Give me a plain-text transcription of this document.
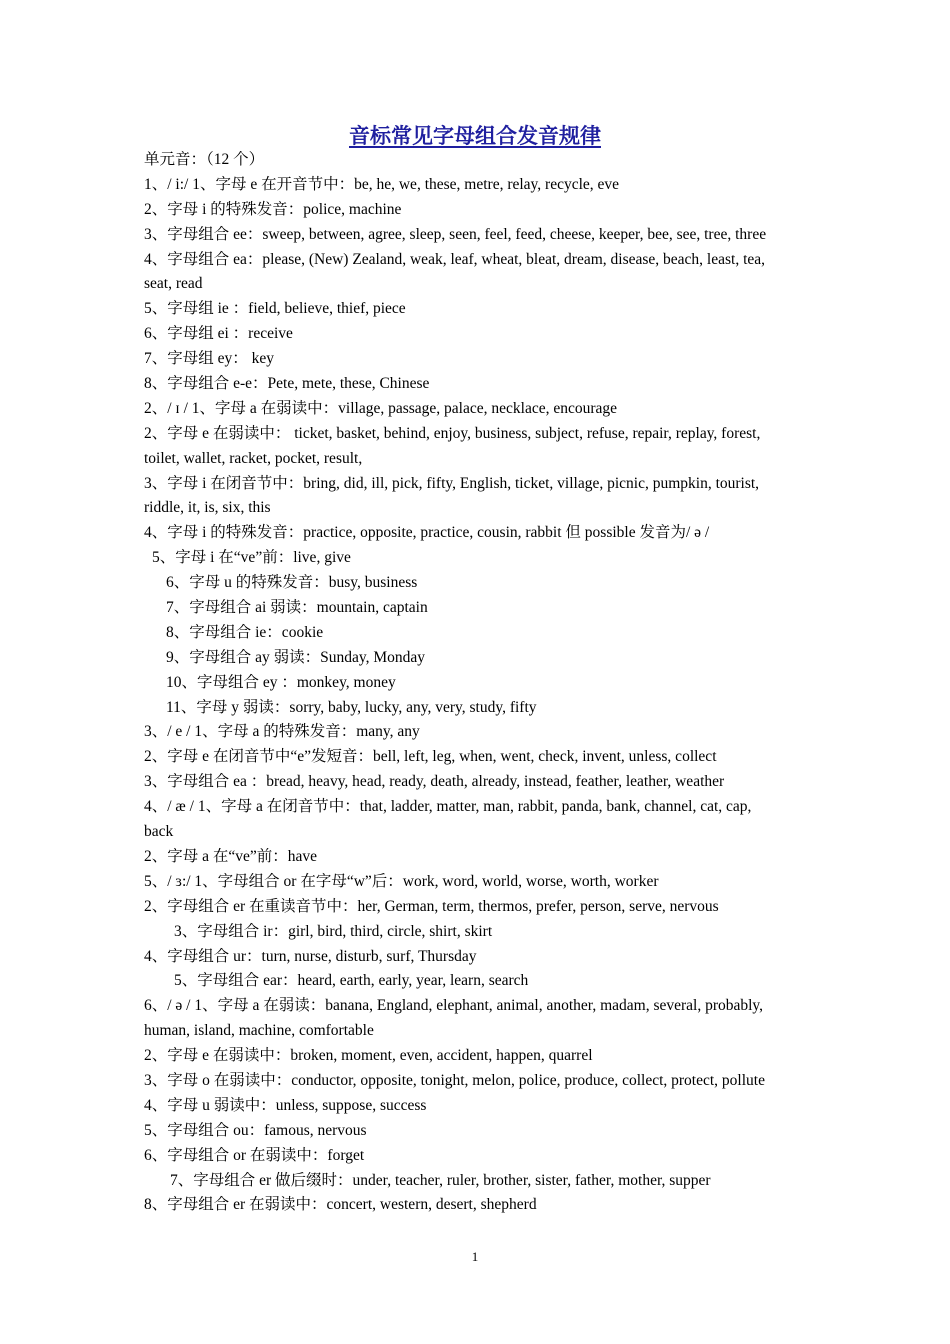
音标常见字母组合发音规律
单元音：（12 个）
1、/ i:/ 1、字母 e 在开音节中：be, he, we, these, metre, relay, recycle, eve
2、字母 i 的特殊发音：police, machine
3、字母组合 ee：sweep, between, agree, sleep, seen, feel, feed, cheese, keeper, bee, see, tree, three
4、字母组合 ea：please, (New) Zealand, weak, leaf, wheat, bleat, dream, disease, beach, least, tea,
seat, read
5、字母组 ie ：field, believe, thief, piece
6、字母组 ei ：receive
7、字母组 ey： key
8、字母组合 e-e：Pete, mete, these, Chinese
2、/ ɪ / 1、字母 a 在弱读中：village, passage, palace, necklace, encourage
2、字母 e 在弱读中： ticket, basket, behind, enjoy, business, subject, refuse, repair, replay, forest,
toilet, wallet, racket, pocket, result,
3、字母 i 在闭音节中：bring, did, ill, pick, fifty, English, ticket, village, picnic, pumpkin, tourist,
riddle, it, is, six, this
4、字母 i 的特殊发音：practice, opposite, practice, cousin, rabbit 但 possible 发音为/ ə /
5、字母 i 在“ve”前：live, give
6、字母 u 的特殊发音：busy, business
7、字母组合 ai 弱读：mountain, captain
8、字母组合 ie：cookie
9、字母组合 ay 弱读：Sunday, Monday
10、字母组合 ey ：monkey, money
11、字母 y 弱读：sorry, baby, lucky, any, very, study, fifty
3、/ e / 1、字母 a 的特殊发音：many, any
2、字母 e 在闭音节中“e”发短音：bell, left, leg, when, went, check, invent, unless, collect
3、字母组合 ea ：bread, heavy, head, ready, death, already, instead, feather, leather, weather
4、/ æ / 1、字母 a 在闭音节中：that, ladder, matter, man, rabbit, panda, bank, channel, cat, cap,
back
2、字母 a 在“ve”前：have
5、/ ɜ:/ 1、字母组合 or 在字母“w”后：work, word, world, worse, worth, worker
2、字母组合 er 在重读音节中：her, German, term, thermos, prefer, person, serve, nervous
3、字母组合 ir：girl, bird, third, circle, shirt, skirt
4、字母组合 ur：turn, nurse, disturb, surf, Thursday
5、字母组合 ear：heard, earth, early, year, learn, search
6、/ ə / 1、字母 a 在弱读：banana, England, elephant, animal, another, madam, several, probably,
human, island, machine, comfortable
2、字母 e 在弱读中：broken, moment, even, accident, happen, quarrel
3、字母 o 在弱读中：conductor, opposite, tonight, melon, police, produce, collect, protect, pollute
4、字母 u 弱读中：unless, suppose, success
5、字母组合 ou：famous, nervous
6、字母组合 or 在弱读中：forget
7、字母组合 er 做后缀时：under, teacher, ruler, brother, sister, father, mother, supper
8、字母组合 er 在弱读中：concert, western, desert, shepherd
1
